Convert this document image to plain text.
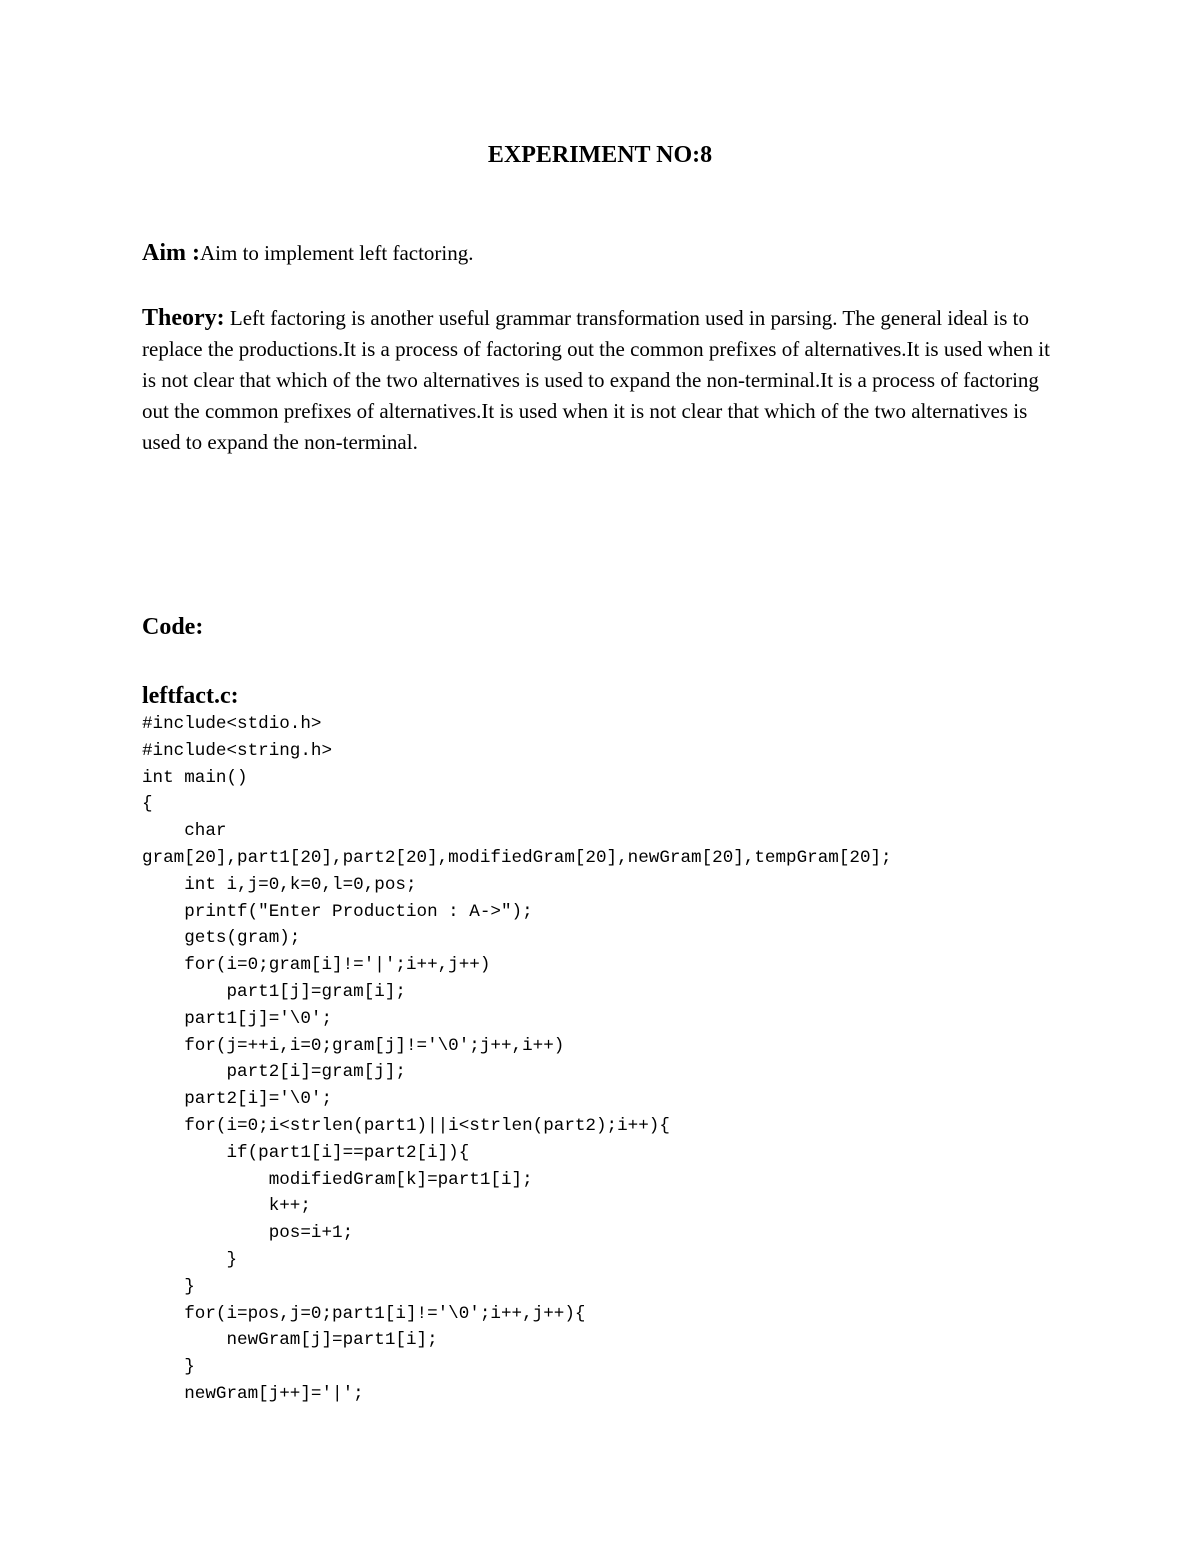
EXPERIMENT NO:8
Aim :Aim to implement left factoring.
Theory: Left factoring is another useful grammar transformation used in parsing. The general ideal is to replace the productions.It is a process of factoring out the common prefixes of alternatives.It is used when it is not clear that which of the two alternatives is used to expand the non-terminal.It is a process of factoring out the common prefixes of alternatives.It is used when it is not clear that which of the two alternatives is used to expand the non-terminal.
Code:
leftfact.c:
#include<stdio.h>
#include<string.h>
int main()
{
char
gram[20],part1[20],part2[20],modifiedGram[20],newGram[20],tempGram[20];
int i,j=0,k=0,l=0,pos;
printf("Enter Production : A->");
gets(gram);
for(i=0;gram[i]!='|';i++,j++)
part1[j]=gram[i];
part1[j]='\0';
for(j=++i,i=0;gram[j]!='\0';j++,i++)
part2[i]=gram[j];
part2[i]='\0';
for(i=0;i<strlen(part1)||i<strlen(part2);i++){
if(part1[i]==part2[i]){
modifiedGram[k]=part1[i];
k++;
pos=i+1;
}
}
for(i=pos,j=0;part1[i]!='\0';i++,j++){
newGram[j]=part1[i];
}
newGram[j++]='|';
